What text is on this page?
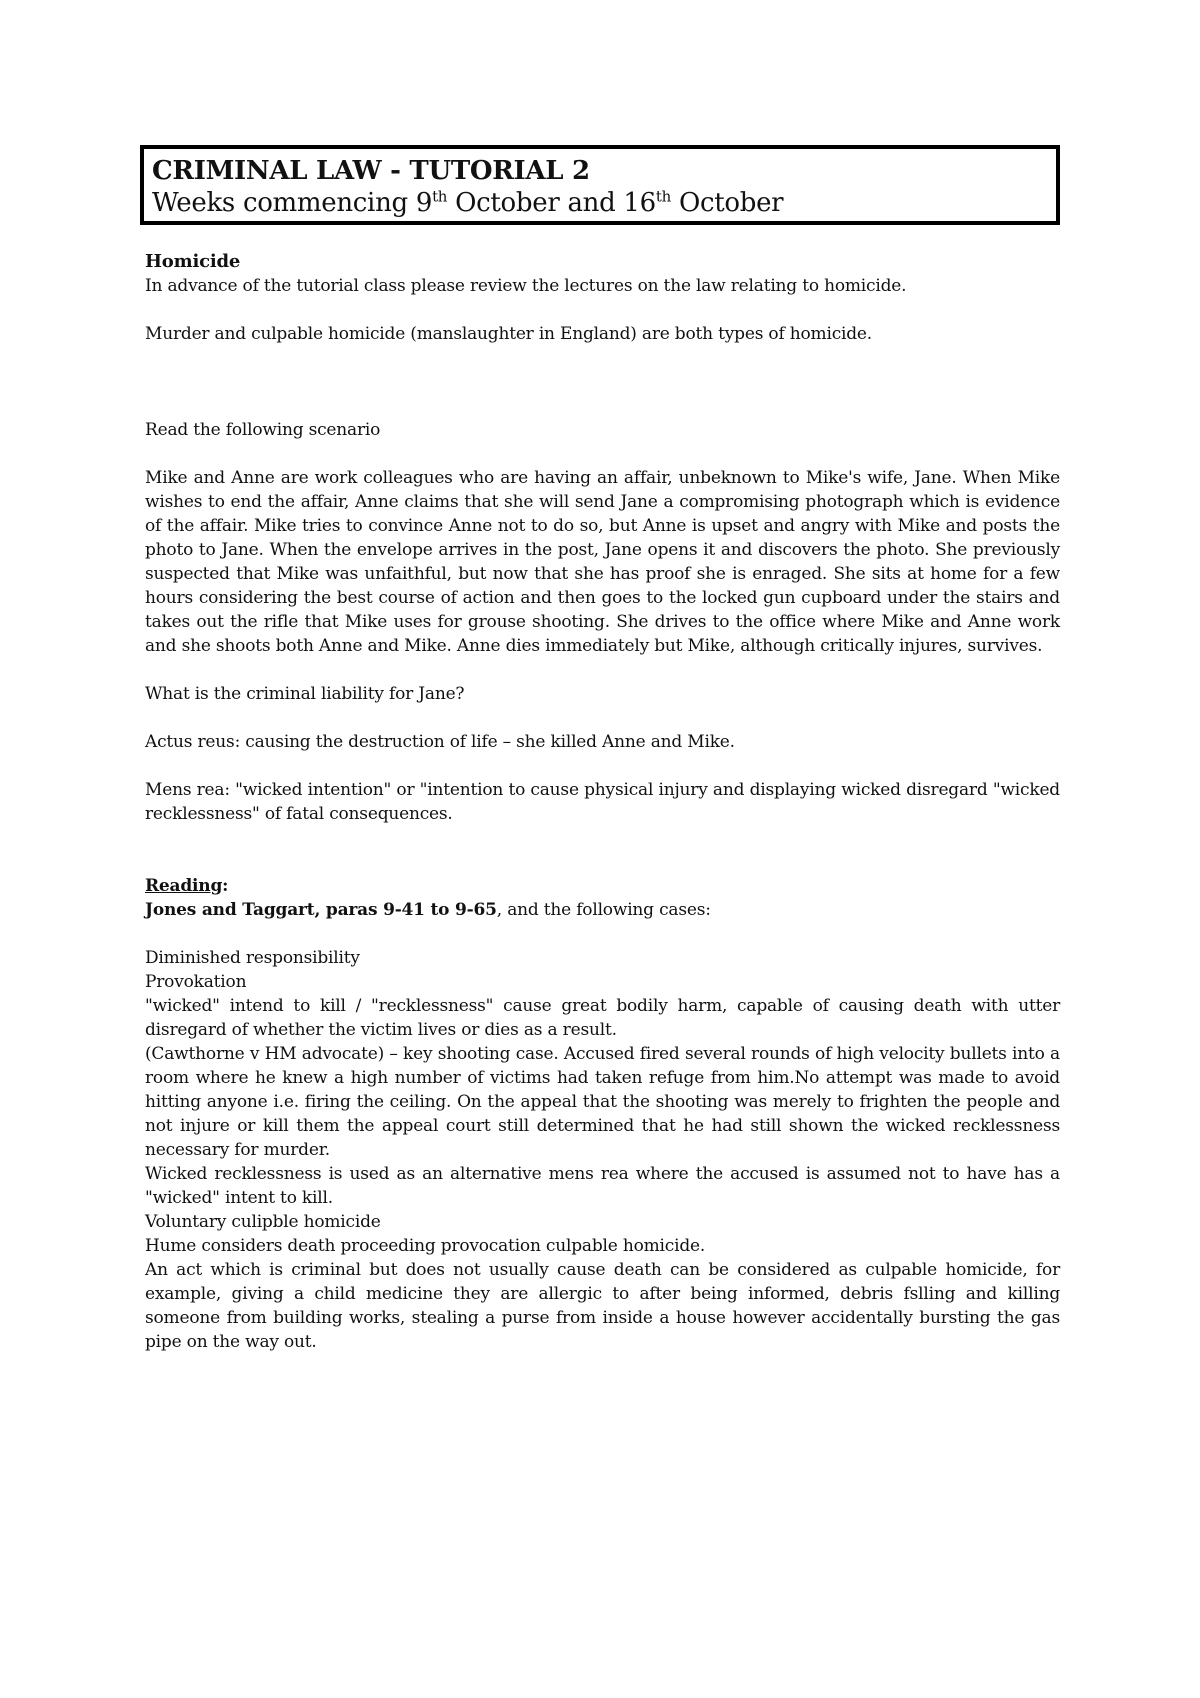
CRIMINAL LAW - TUTORIAL 2

Weeks commencing 9th October and 16th October

Homicide

In advance of the tutorial class please review the lectures on the law relating to homicide.

Murder and culpable homicide (manslaughter in England) are both types of homicide.

Read the following scenario

Mike and Anne are work colleagues who are having an affair, unbeknown to Mike's wife, Jane. When Mike wishes to end the affair, Anne claims that she will send Jane a compromising photograph which is evidence of the affair. Mike tries to convince Anne not to do so, but Anne is upset and angry with Mike and posts the photo to Jane. When the envelope arrives in the post, Jane opens it and discovers the photo. She previously suspected that Mike was unfaithful, but now that she has proof she is enraged. She sits at home for a few hours considering the best course of action and then goes to the locked gun cupboard under the stairs and takes out the rifle that Mike uses for grouse shooting. She drives to the office where Mike and Anne work and she shoots both Anne and Mike. Anne dies immediately but Mike, although critically injures, survives.

What is the criminal liability for Jane?

Actus reus: causing the destruction of life – she killed Anne and Mike.

Mens rea: "wicked intention" or "intention to cause physical injury and displaying wicked disregard "wicked recklessness" of fatal consequences.

Reading:

Jones and Taggart, paras 9-41 to 9-65, and the following cases:

Diminished responsibility

Provokation

"wicked" intend to kill / "recklessness" cause great bodily harm, capable of causing death with utter disregard of whether the victim lives or dies as a result.

(Cawthorne v HM advocate) – key shooting case. Accused fired several rounds of high velocity bullets into a room where he knew a high number of victims had taken refuge from him.No attempt was made to avoid hitting anyone i.e. firing the ceiling. On the appeal that the shooting was merely to frighten the people and not injure or kill them the appeal court still determined that he had still shown the wicked recklessness necessary for murder.

Wicked recklessness is used as an alternative mens rea where the accused is assumed not to have has a "wicked" intent to kill.

Voluntary culipble homicide

Hume considers death proceeding provocation culpable homicide.

An act which is criminal but does not usually cause death can be considered as culpable homicide, for example, giving a child medicine they are allergic to after being informed, debris fslling and killing someone from building works, stealing a purse from inside a house however accidentally bursting the gas pipe on the way out.
